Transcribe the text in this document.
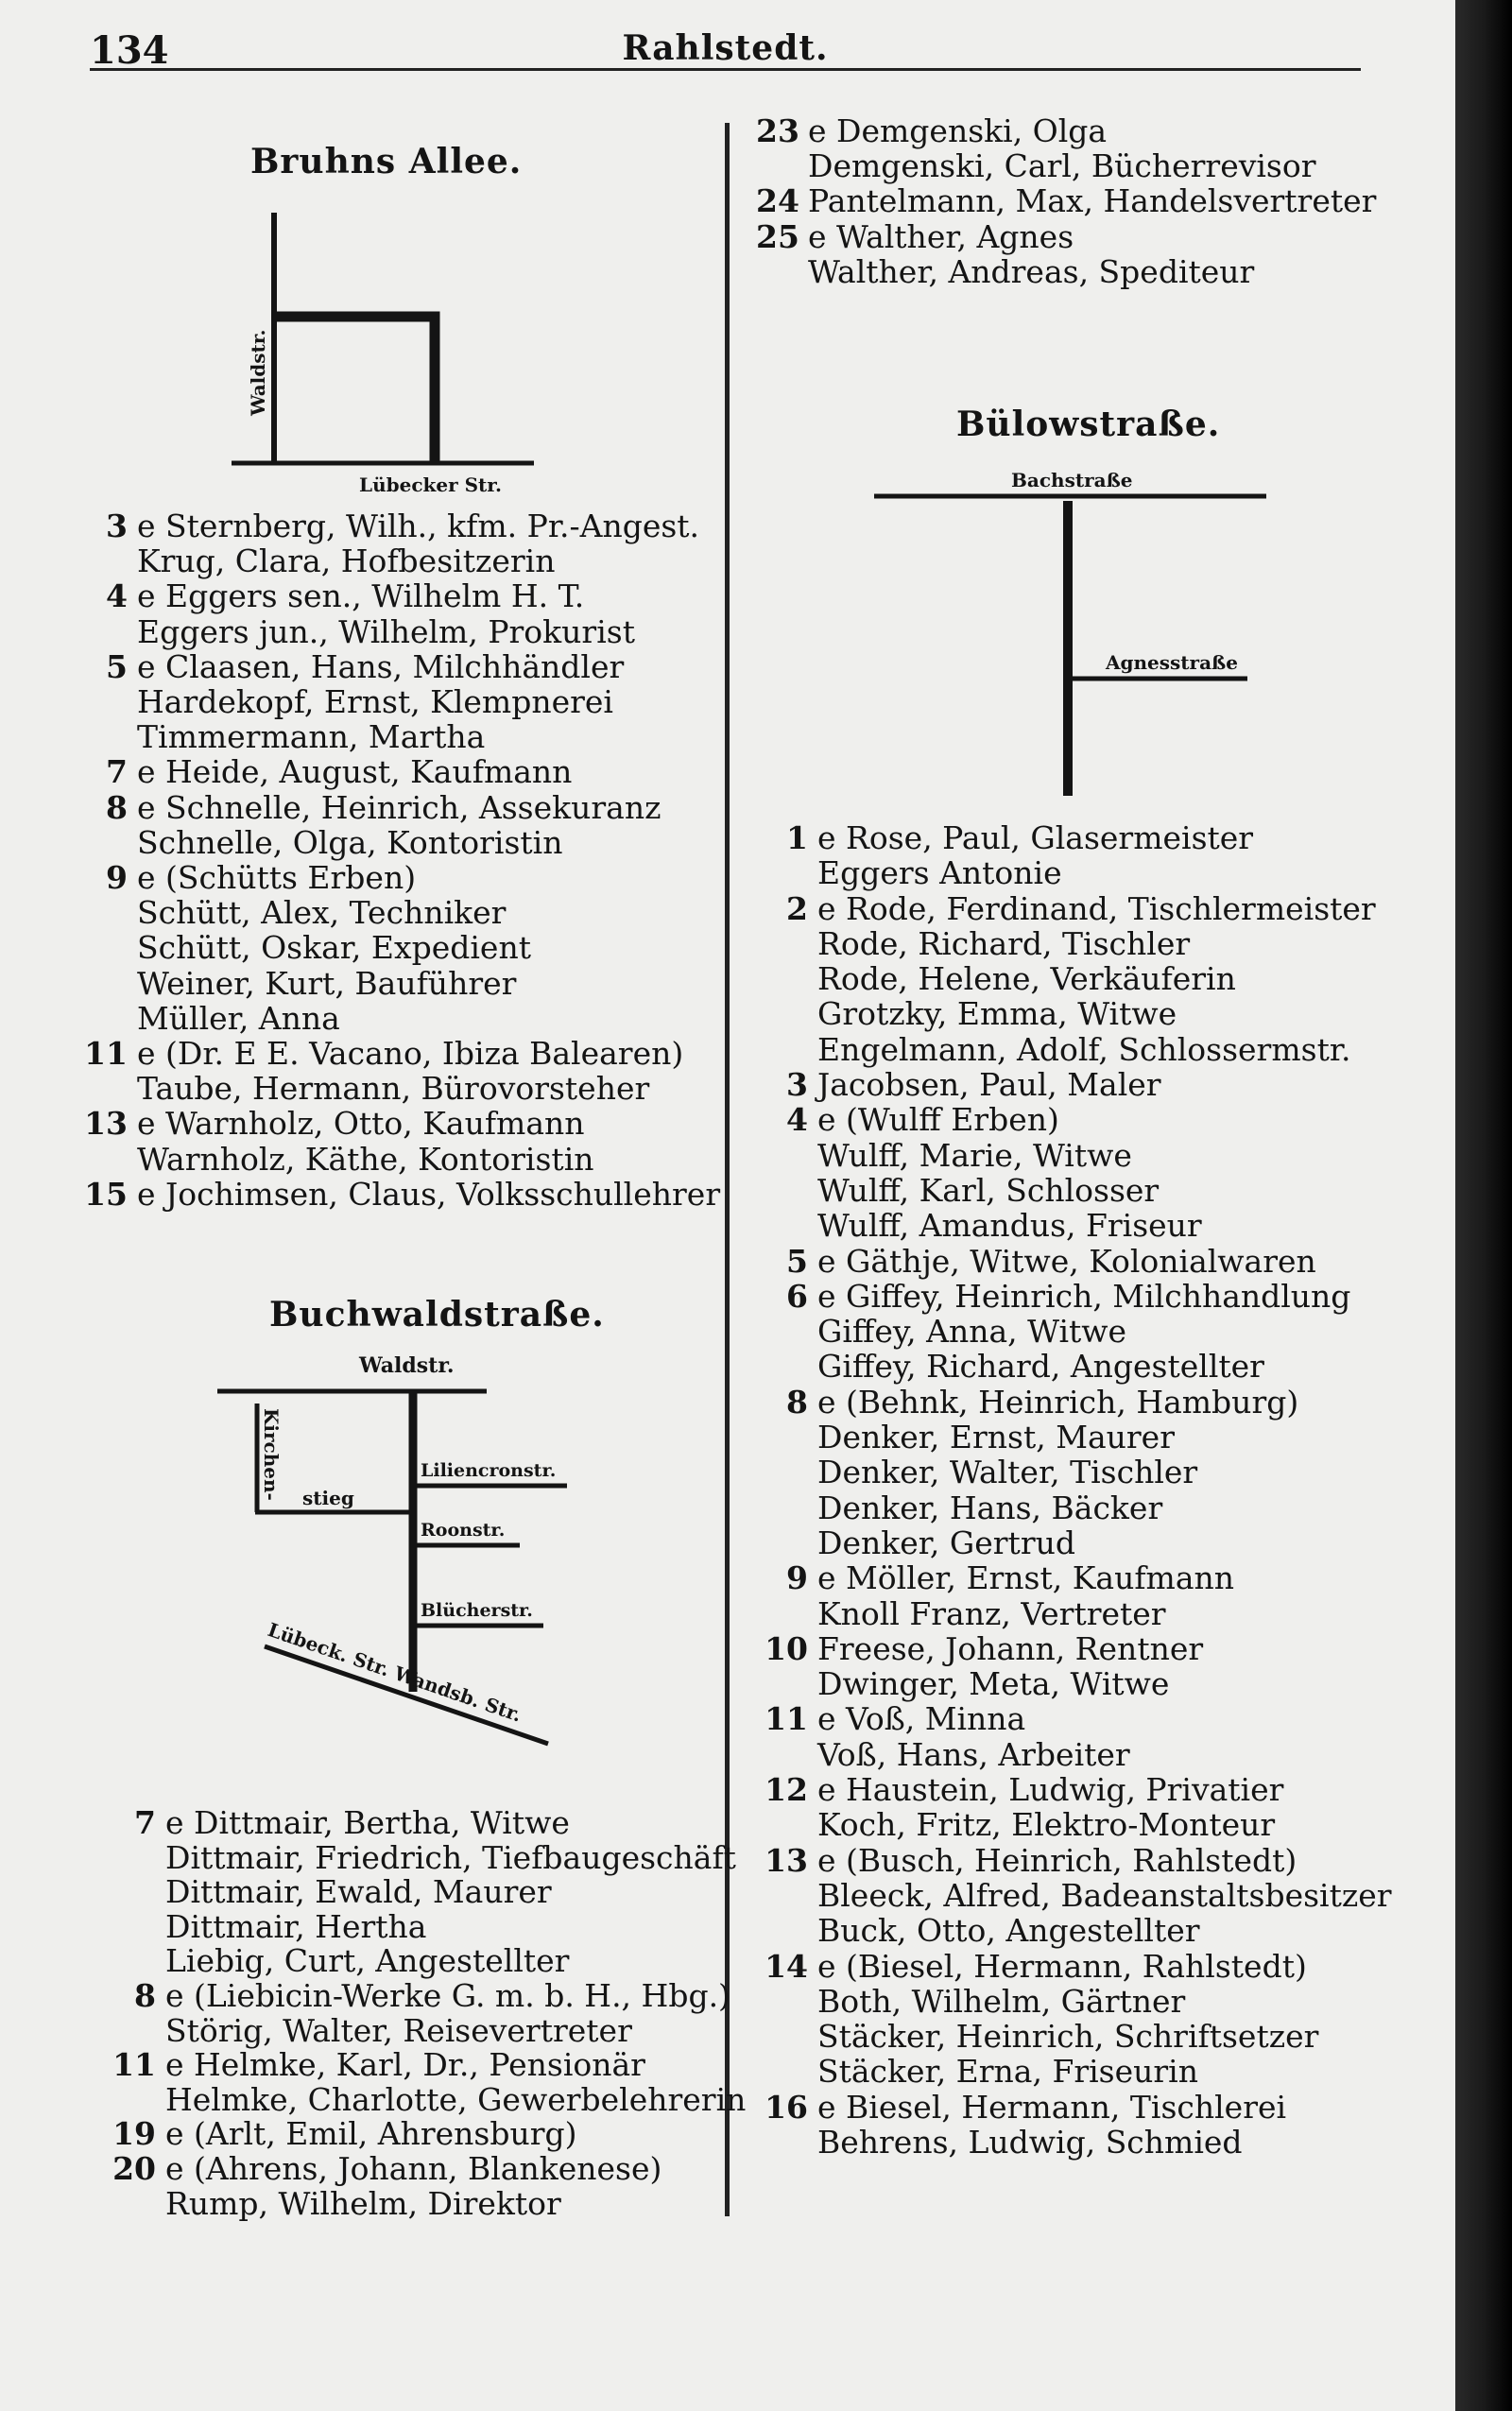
134	Rahlstedt.
Bruhns Allee.
Waldstr.
Lübecker Str.
3 e Sternberg, Wilh., kfm. Pr.-Angest.
Krug, Clara, Hofbesitzerin
4 e Eggers sen., Wilhelm H. T.
Eggers jun., Wilhelm, Prokurist
5 e Claasen, Hans, Milchhändler
Hardekopf, Ernst, Klempnerei
Timmermann, Martha
7 e Heide, August, Kaufmann
8 e Schnelle, Heinrich, Assekuranz
Schnelle, Olga, Kontoristin
9 e (Schütts Erben)
Schütt, Alex, Techniker
Schütt, Oskar, Expedient
Weiner, Kurt, Bauführer
Müller, Anna
11 e (Dr. E E. Vacano, Ibiza Balearen)
Taube, Hermann, Bürovorsteher
13 e Warnholz, Otto, Kaufmann
Warnholz, Käthe, Kontoristin
15 e Jochimsen, Claus, Volksschullehrer
Buchwaldstraße.
Waldstr.
Kirchen- stieg
Liliencronstr.
Roonstr.
Blücherstr.
Lübeck. Str. Wandsb. Str.
7 e Dittmair, Bertha, Witwe
Dittmair, Friedrich, Tiefbaugeschäft
Dittmair, Ewald, Maurer
Dittmair, Hertha
Liebig, Curt, Angestellter
8 e (Liebicin-Werke G. m. b. H., Hbg.)
Störig, Walter, Reisevertreter
11 e Helmke, Karl, Dr., Pensionär
Helmke, Charlotte, Gewerbelehrerin
19 e (Arlt, Emil, Ahrensburg)
20 e (Ahrens, Johann, Blankenese)
Rump, Wilhelm, Direktor
23 e Demgenski, Olga
Demgenski, Carl, Bücherrevisor
24 Pantelmann, Max, Handelsvertreter
25 e Walther, Agnes
Walther, Andreas, Spediteur
Bülowstraße.
Bachstraße
Agnesstraße
1 e Rose, Paul, Glasermeister
Eggers Antonie
2 e Rode, Ferdinand, Tischlermeister
Rode, Richard, Tischler
Rode, Helene, Verkäuferin
Grotzky, Emma, Witwe
Engelmann, Adolf, Schlossermstr.
3 Jacobsen, Paul, Maler
4 e (Wulff Erben)
Wulff, Marie, Witwe
Wulff, Karl, Schlosser
Wulff, Amandus, Friseur
5 e Gäthje, Witwe, Kolonialwaren
6 e Giffey, Heinrich, Milchhandlung
Giffey, Anna, Witwe
Giffey, Richard, Angestellter
8 e (Behnk, Heinrich, Hamburg)
Denker, Ernst, Maurer
Denker, Walter, Tischler
Denker, Hans, Bäcker
Denker, Gertrud
9 e Möller, Ernst, Kaufmann
Knoll Franz, Vertreter
10 Freese, Johann, Rentner
Dwinger, Meta, Witwe
11 e Voß, Minna
Voß, Hans, Arbeiter
12 e Haustein, Ludwig, Privatier
Koch, Fritz, Elektro-Monteur
13 e (Busch, Heinrich, Rahlstedt)
Bleeck, Alfred, Badeanstaltsbesitzer
Buck, Otto, Angestellter
14 e (Biesel, Hermann, Rahlstedt)
Both, Wilhelm, Gärtner
Stäcker, Heinrich, Schriftsetzer
Stäcker, Erna, Friseurin
16 e Biesel, Hermann, Tischlerei
Behrens, Ludwig, Schmied
